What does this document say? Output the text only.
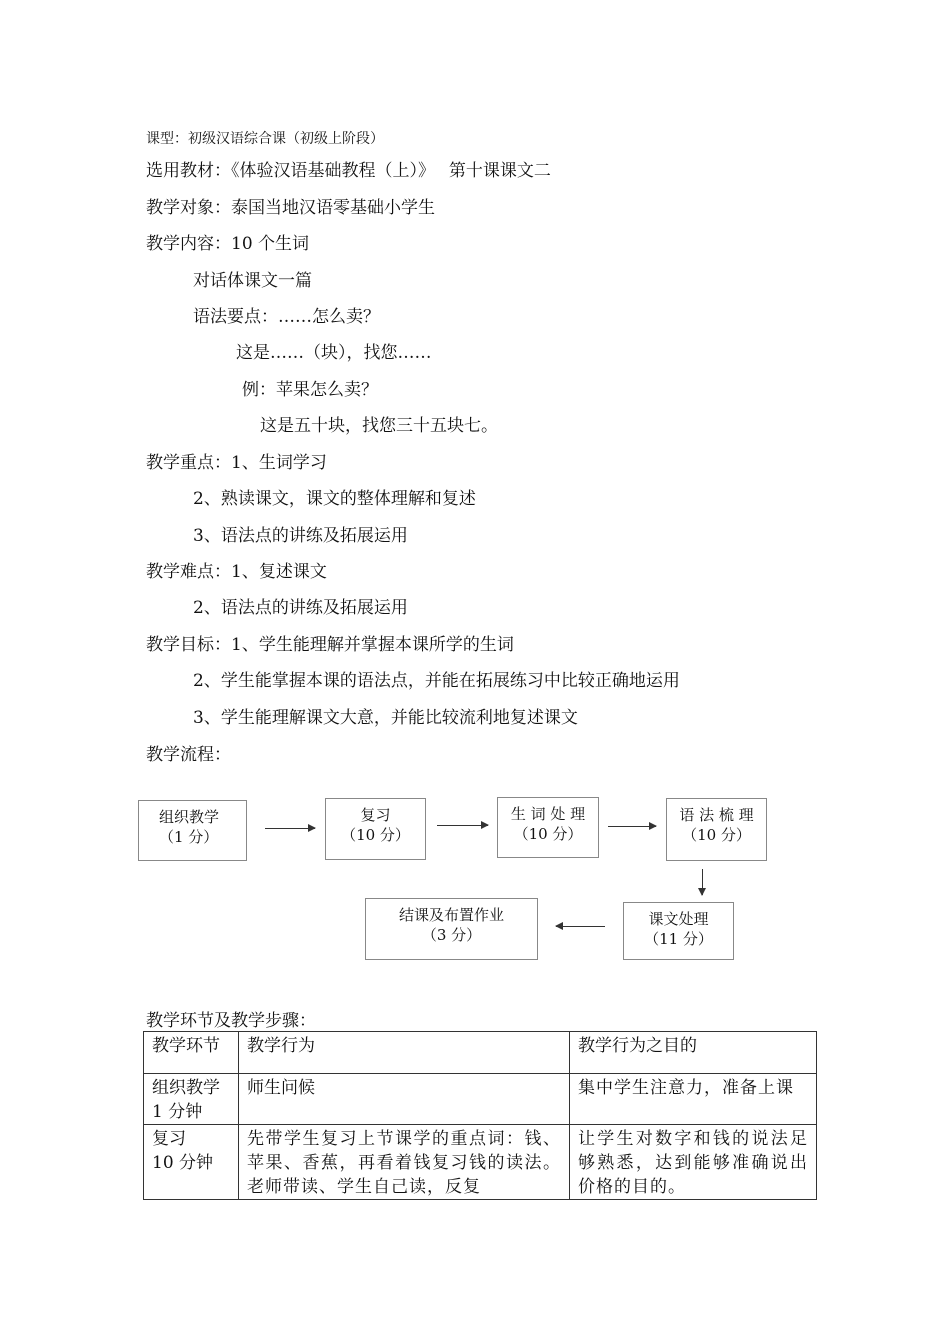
课型：初级汉语综合课（初级上阶段）
选用教材：《体验汉语基础教程（上）》　 第十课课文二
教学对象：泰国当地汉语零基础小学生
教学内容：10 个生词
对话体课文一篇
语法要点：……怎么卖？
这是……（块），找您……
例：苹果怎么卖？
这是五十块，找您三十五块七。
教学重点：1、生词学习
2、熟读课文，课文的整体理解和复述
3、语法点的讲练及拓展运用
教学难点：1、复述课文
2、语法点的讲练及拓展运用
教学目标：1、学生能理解并掌握本课所学的生词
2、学生能掌握本课的语法点，并能在拓展练习中比较正确地运用
3、学生能理解课文大意，并能比较流利地复述课文
教学流程：
组织教学
（1 分）
复习
（10 分）
生 词 处 理
（10 分）
语 法 梳 理
（10 分）
课文处理
（11 分）
结课及布置作业
（3 分）
教学环节及教学步骤：
教学环节	教学行为	教学行为之目的
组织教学
1 分钟	师生问候	集中学生注意力，准备上课
复习
10 分钟	先带学生复习上节课学的重点词：钱、苹果、香蕉，再看着钱复习钱的读法。老师带读、学生自己读，反复	让学生对数字和钱的说法足够熟悉，达到能够准确说出价格的目的。
